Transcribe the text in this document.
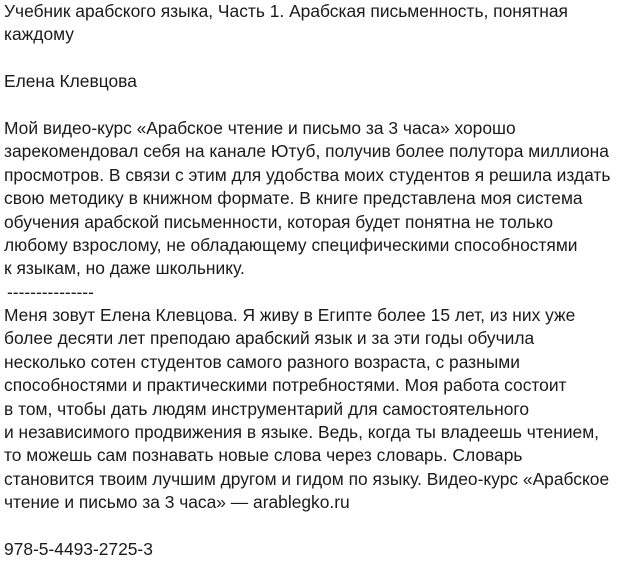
Учебник арабского языка, Часть 1. Арабская письменность, понятная
каждому
Елена Клевцова
Мой видео-курс «Арабское чтение и письмо за 3 часа» хорошо
зарекомендовал себя на канале Ютуб, получив более полутора миллиона
просмотров. В связи с этим для удобства моих студентов я решила издать
свою методику в книжном формате. В книге представлена моя система
обучения арабской письменности, которая будет понятна не только
любому взрослому, не обладающему специфическими способностями
к языкам, но даже школьнику.
---------------
Меня зовут Елена Клевцова. Я живу в Египте более 15 лет, из них уже
более десяти лет преподаю арабский язык и за эти годы обучила
несколько сотен студентов самого разного возраста, с разными
способностями и практическими потребностями. Моя работа состоит
в том, чтобы дать людям инструментарий для самостоятельного
и независимого продвижения в языке. Ведь, когда ты владеешь чтением,
то можешь сам познавать новые слова через словарь. Словарь
становится твоим лучшим другом и гидом по языку. Видео-курс «Арабское
чтение и письмо за 3 часа» — arablegko.ru
978-5-4493-2725-3
